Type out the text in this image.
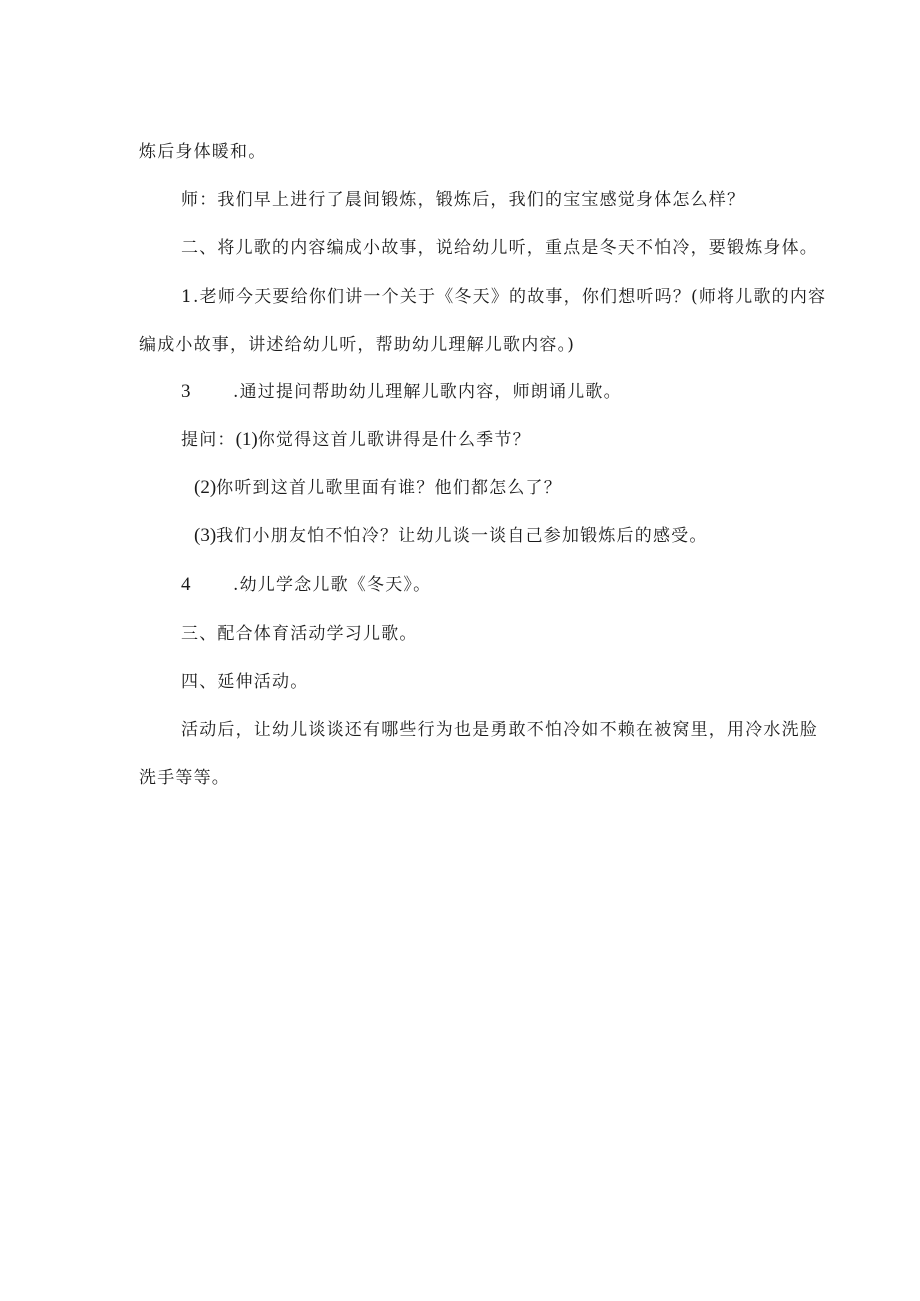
炼后身体暖和。
师：我们早上进行了晨间锻炼，锻炼后，我们的宝宝感觉身体怎么样？
二、将儿歌的内容编成小故事，说给幼儿听，重点是冬天不怕冷，要锻炼身体。
1.老师今天要给你们讲一个关于《冬天》的故事，你们想听吗？(师将儿歌的内容
编成小故事，讲述给幼儿听，帮助幼儿理解儿歌内容。)
3	.通过提问帮助幼儿理解儿歌内容，师朗诵儿歌。
提问：(1)你觉得这首儿歌讲得是什么季节？
(2)你听到这首儿歌里面有谁？他们都怎么了？
(3)我们小朋友怕不怕冷？让幼儿谈一谈自己参加锻炼后的感受。
4	.幼儿学念儿歌《冬天》。
三、配合体育活动学习儿歌。
四、延伸活动。
活动后，让幼儿谈谈还有哪些行为也是勇敢不怕冷如不赖在被窝里，用冷水洗脸
洗手等等。
